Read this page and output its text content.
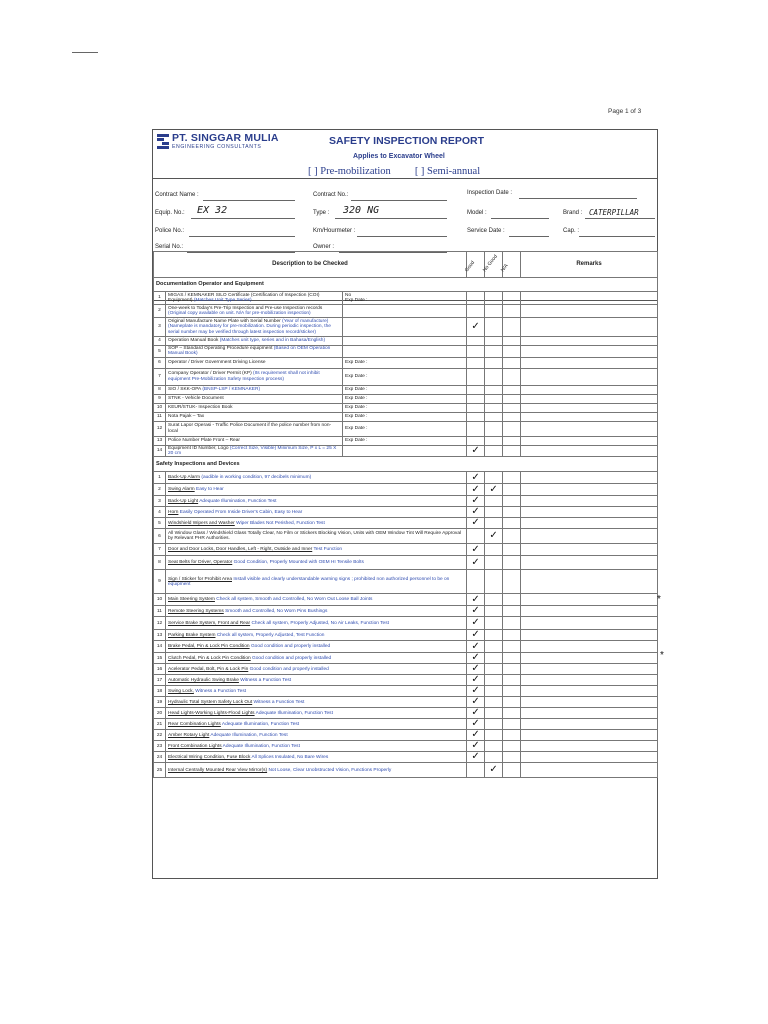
Page 1 of 3
PT. SINGGAR MULIA
ENGINEERING CONSULTANTS	SAFETY INSPECTION REPORT
Applies to Excavator Wheel
[ ] Pre-mobilization [ ] Semi-annual
Contract Name :	Contract No.:	Inspection Date :
Equip. No.: EX 32	Type : 320 NG	Model :	Brand : CATERPILLAR
Police No.:	Km/Hourmeter :	Service Date :	Cap. :
Serial No.:	Owner :
Description to be Checked			Good	No Good	N/A	Remarks
Documentation Operator and Equipment						
1	MIGAS / KEMNAKER SILO Certificate (Certification of Inspection (COI) Equipment) (Matches Unit Type Series)	No
Exp Date :				
2	One-week to Today's Pre-Trip Inspection and Pre-use Inspection records (Original copy available on unit. N/A for pre-mobilization inspection)					
3	Original Manufacture Name Plate with Serial Number (Year of manufacture) (Nameplate is mandatory for pre-mobilization. During periodic inspection, the serial number may be verified through latest inspection record/sticker)		✓			
4	Operation Manual Book (Matches unit type, series and in Bahasa/English)					
5	SOP – Standard Operating Procedure equipment (Based on OEM Operation Manual Book)					
6	Operator / Driver Government Driving License	Exp Date :				
7	Company Operator / Driver Permit (KP) (Its requirement shall not inhibit equipment Pre-Mobilization Safety Inspection process)	Exp Date :				
8	SIO / SKK-OPA (BNSP-LSP / KEMNAKER)	Exp Date :				
9	STNK - Vehicle Document	Exp Date :				
10	KEUR/STUK- Inspection Book	Exp Date :				
11	Nota Pajak – Tax	Exp Date :				
12	Surat Lapor Operasi - Traffic Police Document if the police number from non-local	Exp Date :				
13	Police Number Plate Front – Rear	Exp Date :				
14	Equipment ID Number, Logo (Correct Size, Visible) Minimum Size, P x L = 25 X 20 cm		✓			
Safety Inspections and Devices						
1	Back-Up Alarm (audible in working condition, 97 decibels minimum)		✓			
2	Swing Alarm Easy to Hear		✓	✓		
3	Back-Up Light Adequate Illumination, Function Test		✓			
4	Horn Easily Operated From Inside Driver's Cabin, Easy to Hear		✓			
5	Windshield Wipers and Washer Wiper Blades Not Perished, Function Test		✓			
6	All Window Glass / Windshield Glass Totally Clear, No Film or Stickers Blocking Vision, Units with OEM Window Tint Will Require Approval by Relevant PHR Authorities.			✓		
7	Door and Door Locks, Door Handles, Left - Right, Outside and Inner Test Function		✓			
8	Seat Belts for Driver, Operator Good Condition, Properly Mounted with OEM HI Tensile Bolts		✓			
9	Sign / Sticker for Prohibit Area Install visible and clearly understandable warning signs ; prohibited non authorized personnel to be on equipment					
10	Main Steering System Check all system, Smooth and Controlled, No Worn Out Loose Ball Joints		✓			
11	Remote Steering Systems Smooth and Controlled, No Worn Pins Bushings		✓			
12	Service Brake System, Front and Rear Check all system, Properly Adjusted, No Air Leaks, Function Test		✓			
13	Parking Brake System Check all system, Properly Adjusted, Test Function		✓			
14	Brake Pedal, Pin & Lock Pin Condition Good condition and properly installed		✓			
15	Clutch Pedal, Pin & Lock Pin Condition Good condition and properly installed		✓			
16	Acelerator Pedal, Bolt, Pin & Lock Pin Good condition and properly installed		✓			
17	Automatic Hydraulic Swing Brake Witness a Function Test		✓			
18	Swing Lock, Witness a Function Test		✓			
19	Hydraulic Total System Safety Lock Out Witness a Function Test		✓			
20	Head Lights-Working Lights-Flood Lights Adequate Illumination, Function Test		✓			
21	Rear Combination Lights Adequate Illumination, Function Test		✓			
22	Amber Rotary Light Adequate Illumination, Function Test		✓			
23	Front Combination Lights Adequate Illumination, Function Test		✓			
24	Electrical Wiring Condition, Fuse Block All Splices Insulated, No Bare Wires		✓			
25	Internal Centrally Mounted Rear View Mirror(s) Not Loose, Clear Unobstructed Vision, Functions Properly			✓		
*
*
